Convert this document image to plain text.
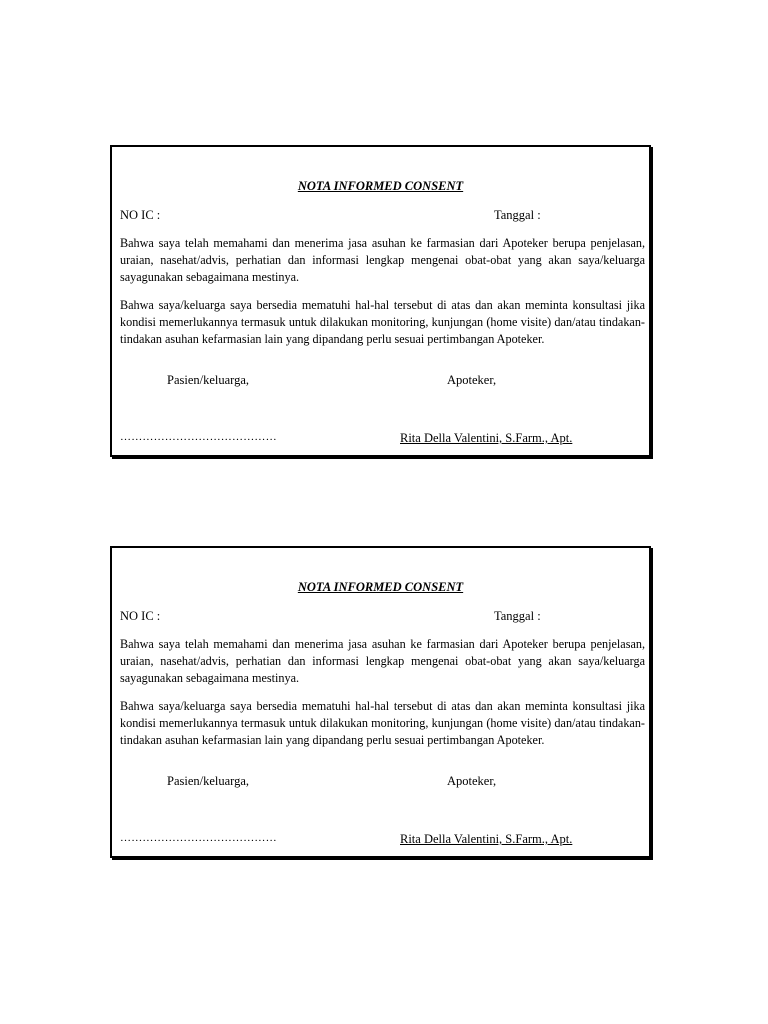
NOTA INFORMED CONSENT
NO IC :	Tanggal :

Bahwa saya telah memahami dan menerima jasa asuhan ke farmasian dari Apoteker berupa penjelasan, uraian, nasehat/advis, perhatian dan informasi lengkap mengenai obat-obat yang akan saya/keluarga sayagunakan sebagaimana mestinya.

Bahwa saya/keluarga saya bersedia mematuhi hal-hal tersebut di atas dan akan meminta konsultasi jika kondisi memerlukannya termasuk untuk dilakukan monitoring, kunjungan (home visite) dan/atau tindakan-tindakan asuhan kefarmasian lain yang dipandang perlu sesuai pertimbangan Apoteker.

Pasien/keluarga,	Apoteker,
……………………………………	Rita Della Valentini, S.Farm., Apt.
NOTA INFORMED CONSENT
NO IC :	Tanggal :

Bahwa saya telah memahami dan menerima jasa asuhan ke farmasian dari Apoteker berupa penjelasan, uraian, nasehat/advis, perhatian dan informasi lengkap mengenai obat-obat yang akan saya/keluarga sayagunakan sebagaimana mestinya.

Bahwa saya/keluarga saya bersedia mematuhi hal-hal tersebut di atas dan akan meminta konsultasi jika kondisi memerlukannya termasuk untuk dilakukan monitoring, kunjungan (home visite) dan/atau tindakan-tindakan asuhan kefarmasian lain yang dipandang perlu sesuai pertimbangan Apoteker.

Pasien/keluarga,	Apoteker,
……………………………………	Rita Della Valentini, S.Farm., Apt.
